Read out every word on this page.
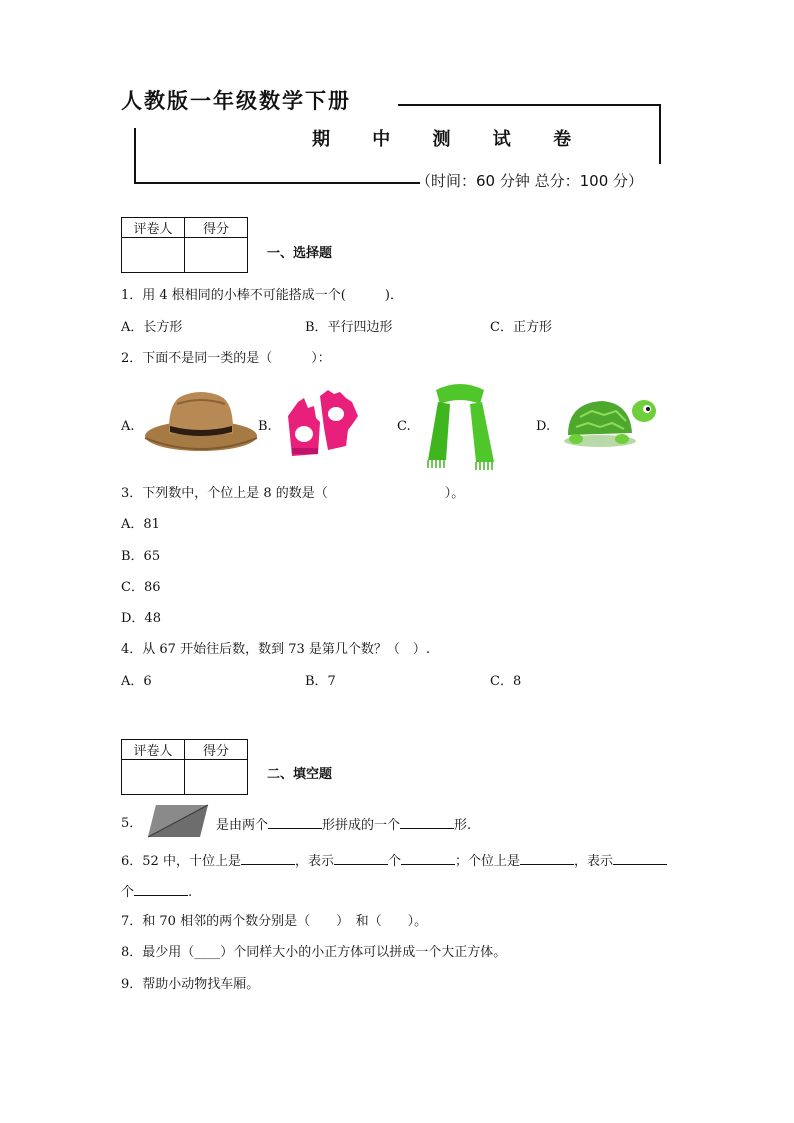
人教版一年级数学下册
期 中 测 试 卷
（时间：60 分钟 总分：100 分）
评卷人	得分

一、选择题
1．用 4 根相同的小棒不可能搭成一个(　　　)．
A．长方形	B．平行四边形	C．正方形
2．下面不是同一类的是（　　　）：
A.	B.	C.	D.
3．下列数中，个位上是 8 的数是（　　　　　　　　　）。
A．81
B．65
C．86
D．48
4．从 67 开始往后数，数到 73 是第几个数？（　）.
A．6	B．7	C．8
评卷人	得分

二、填空题
5．	是由两个	形拼成的一个	形.
6．52 中，十位上是	，表示	个	；个位上是	，表示
个	.
7．和 70 相邻的两个数分别是（　　）　和（　　）。
8．最少用（____）个同样大小的小正方体可以拼成一个大正方体。
9．帮助小动物找车厢。
